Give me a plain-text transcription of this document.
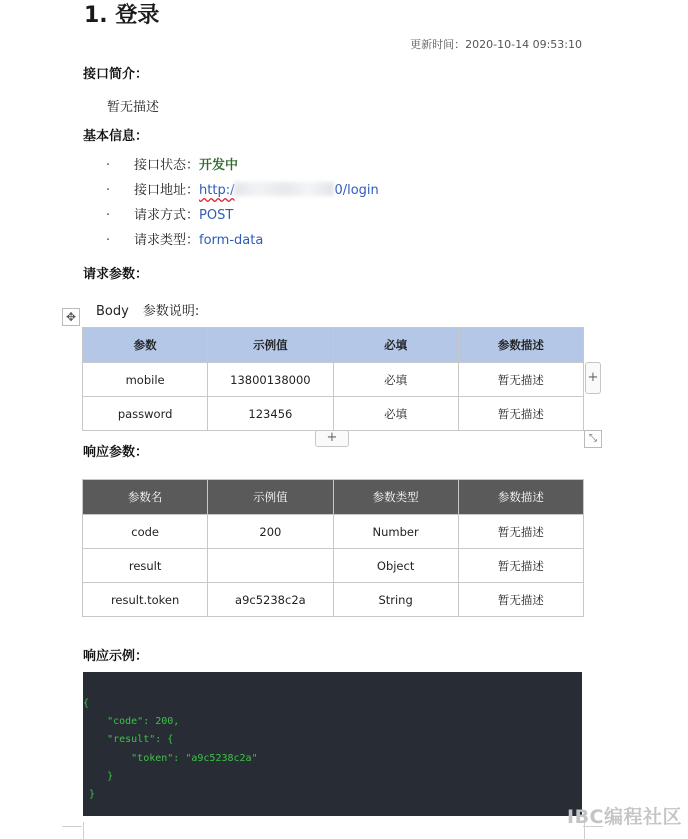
1. 登录
更新时间：2020-10-14 09:53:10
接口简介：
暂无描述
基本信息：
· 接口状态：开发中
· 接口地址：http:/	0/login
· 请求方式：POST
· 请求类型：form-data
请求参数：
✥	Body 参数说明:
参数	示例值	必填	参数描述
mobile	13800138000	必填	暂无描述
password	123456	必填	暂无描述
+
+	⤡
响应参数：
参数名	示例值	参数类型	参数描述
code	200	Number	暂无描述
result		Object	暂无描述
result.token	a9c5238c2a	String	暂无描述
响应示例：
{
"code": 200,
"result": {
"token": "a9c5238c2a"
}
}
IBC编程社区
